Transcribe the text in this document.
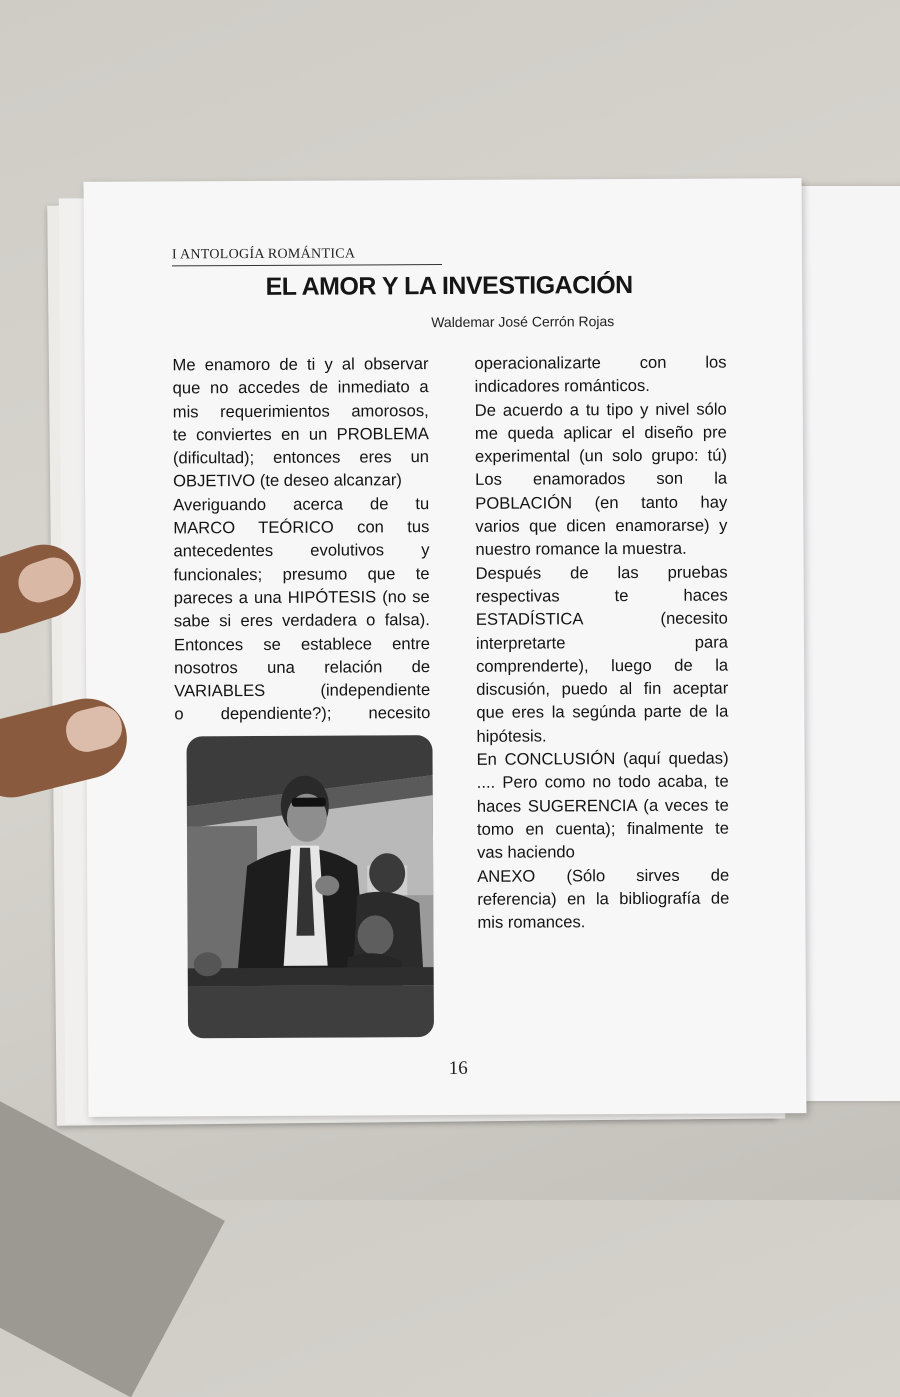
I ANTOLOGÍA ROMÁNTICA
EL AMOR Y LA INVESTIGACIÓN
Waldemar José Cerrón Rojas

Me enamoro de ti y al observar

que no accedes de inmediato a

mis requerimientos amorosos,

te conviertes en un PROBLEMA

(dificultad); entonces eres un

OBJETIVO (te deseo alcanzar)

Averiguando acerca de tu

MARCO TEÓRICO con tus

antecedentes evolutivos y

funcionales; presumo que te

pareces a una HIPÓTESIS (no se

sabe si eres verdadera o falsa).

Entonces se establece entre

nosotros una relación de

VARIABLES (independiente

o dependiente?); necesito

operacionalizarte con los

indicadores románticos.

De acuerdo a tu tipo y nivel sólo

me queda aplicar el diseño pre

experimental (un solo grupo: tú)

Los enamorados son la

POBLACIÓN (en tanto hay

varios que dicen enamorarse) y

nuestro romance la muestra.

Después de las pruebas

respectivas te haces

ESTADÍSTICA (necesito

interpretarte para

comprenderte), luego de la

discusión, puedo al fin aceptar

que eres la segúnda parte de la

hipótesis.

En CONCLUSIÓN (aquí quedas)

.... Pero como no todo acaba, te

haces SUGERENCIA (a veces te

tomo en cuenta); finalmente te

vas haciendo

ANEXO (Sólo sirves de

referencia) en la bibliografía de

mis romances.

16
